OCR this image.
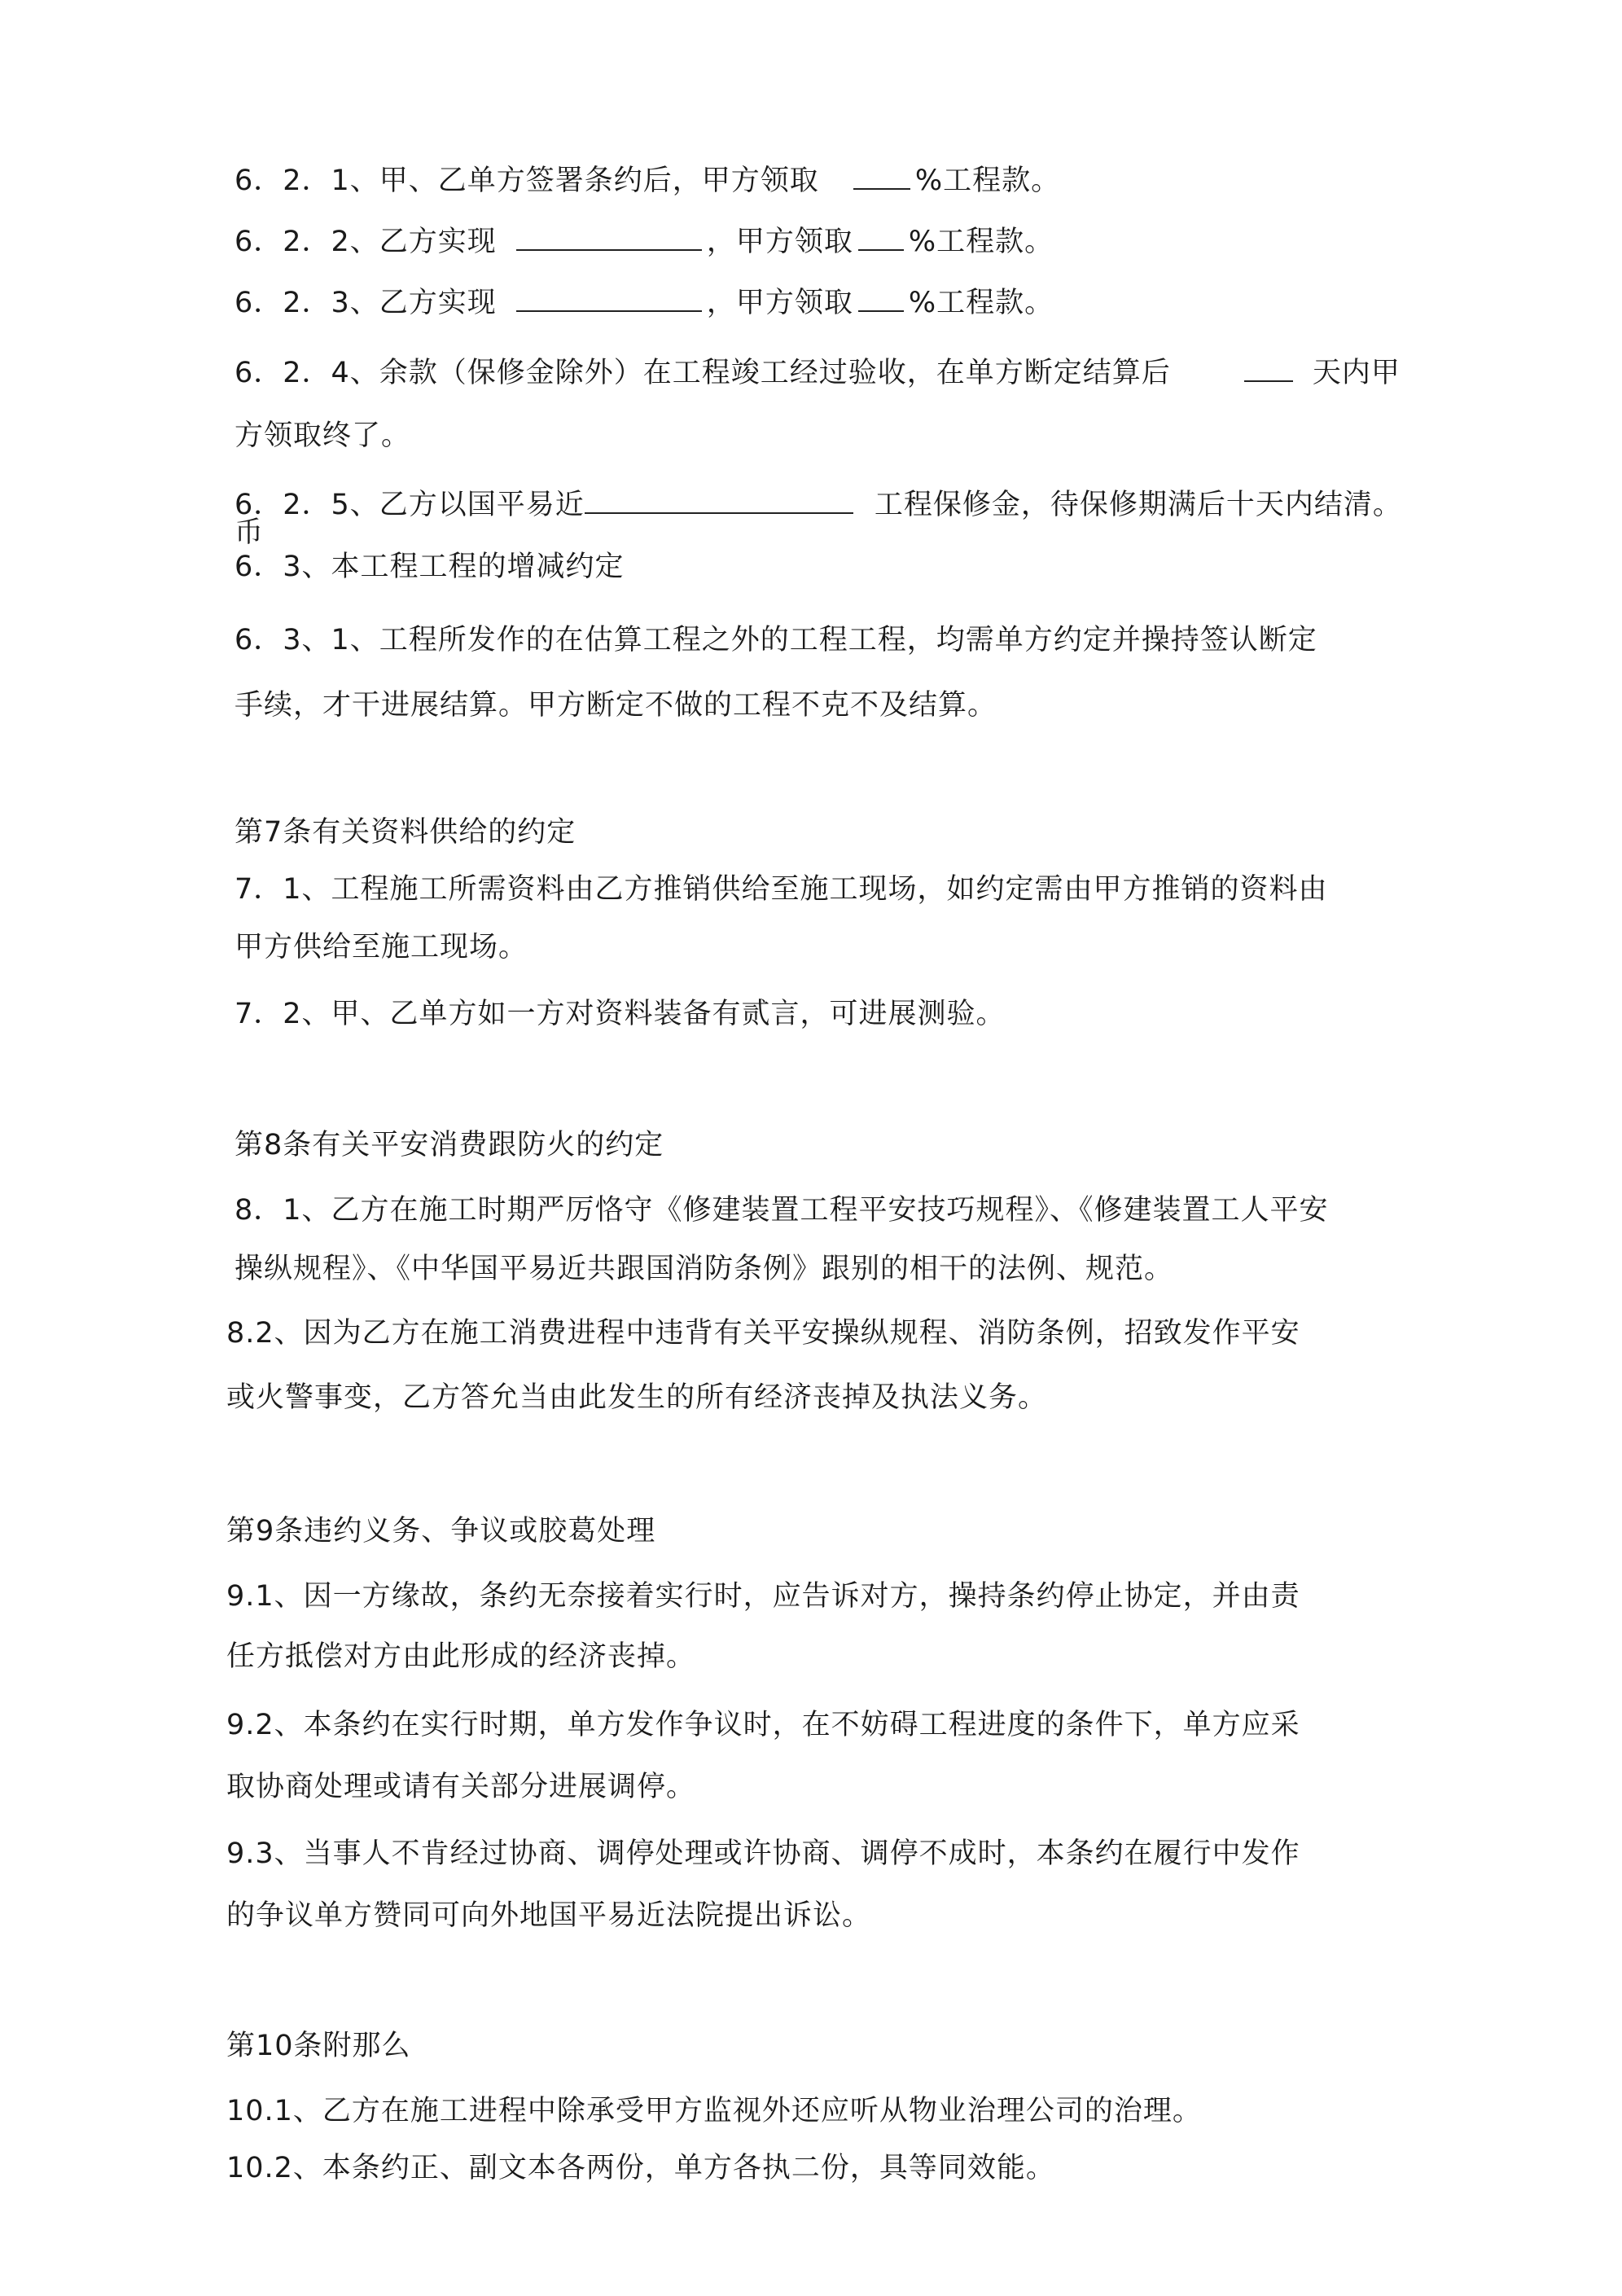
6．2．1、甲、乙单方签署条约后，甲方领取	%工程款。
6．2．2、乙方实现	，甲方领取 %工程款。
6．2．3、乙方实现	，甲方领取 %工程款。
6．2．4、余款（保修金除外）在工程竣工经过验收，在单方断定结算后	天内甲
方领取终了。
6．2．5、乙方以国平易近	工程保修金，待保修期满后十天内结清。
币
6．3、本工程工程的增减约定
6．3、1、工程所发作的在估算工程之外的工程工程，均需单方约定并操持签认断定
手续，才干进展结算。甲方断定不做的工程不克不及结算。
第7条有关资料供给的约定
7．1、工程施工所需资料由乙方推销供给至施工现场，如约定需由甲方推销的资料由
甲方供给至施工现场。
7．2、甲、乙单方如一方对资料装备有贰言，可进展测验。
第8条有关平安消费跟防火的约定
8．1、乙方在施工时期严厉恪守《修建装置工程平安技巧规程》、《修建装置工人平安
操纵规程》、《中华国平易近共跟国消防条例》跟别的相干的法例、规范。
8.2、因为乙方在施工消费进程中违背有关平安操纵规程、消防条例，招致发作平安
或火警事变，乙方答允当由此发生的所有经济丧掉及执法义务。
第9条违约义务、争议或胶葛处理
9.1、因一方缘故，条约无奈接着实行时，应告诉对方，操持条约停止协定，并由责
任方抵偿对方由此形成的经济丧掉。
9.2、本条约在实行时期，单方发作争议时，在不妨碍工程进度的条件下，单方应采
取协商处理或请有关部分进展调停。
9.3、当事人不肯经过协商、调停处理或许协商、调停不成时，本条约在履行中发作
的争议单方赞同可向外地国平易近法院提出诉讼。
第10条附那么
10.1、乙方在施工进程中除承受甲方监视外还应听从物业治理公司的治理。
10.2、本条约正、副文本各两份，单方各执二份，具等同效能。
